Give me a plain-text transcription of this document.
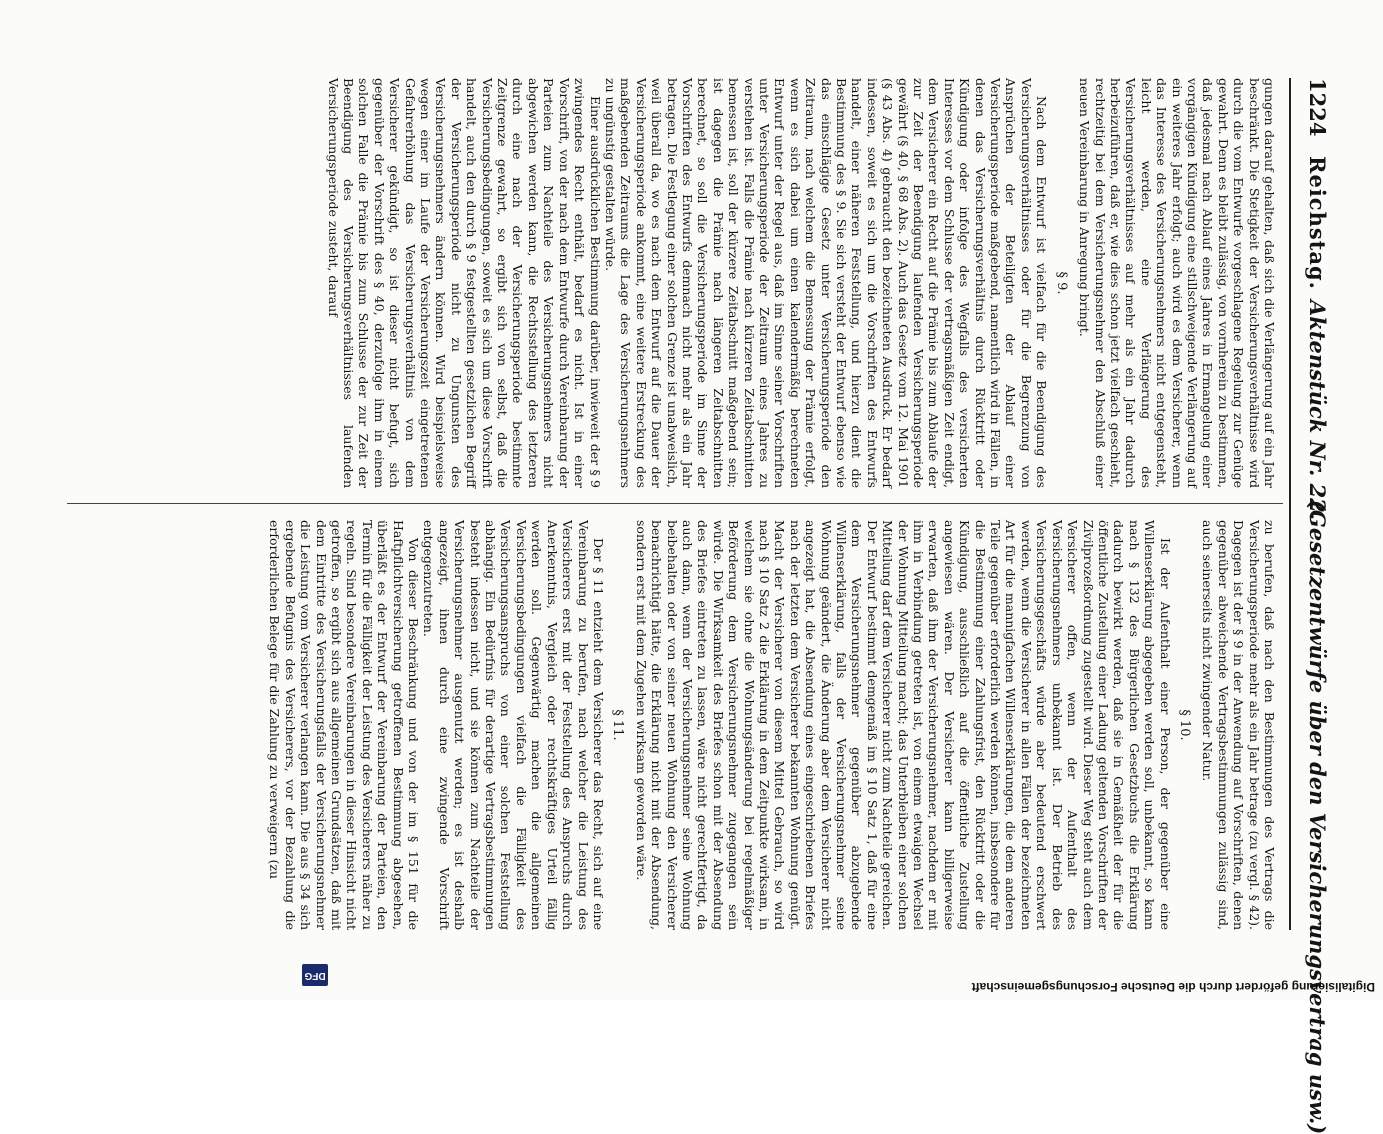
1224
Reichstag.
Aktenstück Nr. 22.
(Gesetzentwürfe über den Versicherungsvertrag usw.)

gungen darauf gehalten, daß sich die Verlängerung auf ein Jahr beschränkt. Die Stetigkeit der Versicherungsverhältnisse wird durch die vom Entwurfe vorgeschlagene Regelung zur Genüge gewahrt. Denn es bleibt zulässig, von vornherein zu bestimmen, daß jedesmal nach Ablauf eines Jahres in Ermangelung einer vorgängigen Kündigung eine stillschweigende Verlängerung auf ein weiteres Jahr erfolgt; auch wird es dem Versicherer, wenn das Interesse des Versicherungsnehmers nicht entgegensteht, leicht werden, eine Verlängerung des Versicherungsverhältnisses auf mehr als ein Jahr dadurch herbeizuführen, daß er, wie dies schon jetzt vielfach geschieht, rechtzeitig bei dem Versicherungsnehmer den Abschluß einer neuen Vereinbarung in Anregung bringt.

§ 9.

Nach dem Entwurf ist vielfach für die Beendigung des Versicherungsverhältnisses oder für die Begrenzung von Ansprüchen der Beteiligten der Ablauf einer Versicherungsperiode maßgebend, namentlich wird in Fällen, in denen das Versicherungsverhältnis durch Rücktritt oder Kündigung oder infolge des Wegfalls des versicherten Interesses vor dem Schlusse der vertragsmäßigen Zeit endigt, dem Versicherer ein Recht auf die Prämie bis zum Ablaufe der zur Zeit der Beendigung laufenden Versicherungsperiode gewährt (§ 40, § 68 Abs. 2). Auch das Gesetz vom 12. Mai 1901 (§ 43 Abs. 4) gebraucht den bezeichneten Ausdruck. Er bedarf indessen, soweit es sich um die Vorschriften des Entwurfs handelt, einer näheren Feststellung, und hierzu dient die Bestimmung des § 9. Sie sich versteht der Entwurf ebenso wie das einschlägige Gesetz unter Versicherungsperiode den Zeitraum, nach welchem die Bemessung der Prämie erfolgt, wenn es sich dabei um einen kalendermäßig berechneten Entwurf unter der Regel aus, daß im Sinne seiner Vorschriften unter Versicherungsperiode der Zeitraum eines Jahres zu verstehen ist. Falls die Prämie nach kürzeren Zeitabschnitten bemessen ist, soll der kürzere Zeitabschnitt maßgebend sein; ist dagegen die Prämie nach längeren Zeitabschnitten berechnet, so soll die Versicherungsperiode im Sinne der Vorschriften des Entwurfs demnach nicht mehr als ein Jahr betragen. Die Festlegung einer solchen Grenze ist unabweislich, weil überall da, wo es nach dem Entwurf auf die Dauer der Versicherungsperiode ankommt, eine weitere Erstreckung des maßgebenden Zeitraums die Lage des Versicherungsnehmers zu ungünstig gestalten würde.

Einer ausdrücklichen Bestimmung darüber, inwieweit der § 9 zwingendes Recht enthält, bedarf es nicht. Ist in einer Vorschrift, von der nach dem Entwurfe durch Vereinbarung der Parteien zum Nachteile des Versicherungsnehmers nicht abgewichen werden kann, die Rechtsstellung des letzteren durch eine nach der Versicherungsperiode bestimmte Zeitgrenze gewahrt, so ergibt sich von selbst, daß die Versicherungsbedingungen, soweit es sich um diese Vorschrift handelt, auch den durch § 9 festgestellten gesetzlichen Begriff der Versicherungsperiode nicht zu Ungunsten des Versicherungsnehmers ändern können. Wird beispielsweise wegen einer im Laufe der Versicherungszeit eingetretenen Gefahrerhöhung das Versicherungsverhältnis von dem Versicherer gekündigt, so ist dieser nicht befugt, sich gegenüber der Vorschrift des § 40, derzufolge ihm in einem solchen Falle die Prämie bis zum Schlusse der zur Zeit der Beendigung des Versicherungsverhältnisses laufenden Versicherungsperiode zusteht, darauf

zu berufen, daß nach den Bestimmungen des Vertrags die Versicherungsperiode mehr als ein Jahr betrage (zu vergl. § 42). Dagegen ist der § 9 in der Anwendung auf Vorschriften, denen gegenüber abweichende Vertragsbestimmungen zulässig sind, auch seinerseits nicht zwingender Natur.

§ 10.

Ist der Aufenthalt einer Person, der gegenüber eine Willenserklärung abgegeben werden soll, unbekannt, so kann nach § 132 des Bürgerlichen Gesetzbuchs die Erklärung dadurch bewirkt werden, daß sie in Gemäßheit der für die öffentliche Zustellung einer Ladung geltenden Vorschriften der Zivilprozeßordnung zugestellt wird. Dieser Weg steht auch dem Versicherer offen, wenn der Aufenthalt des Versicherungsnehmers unbekannt ist. Der Betrieb des Versicherungsgeschäfts würde aber bedeutend erschwert werden, wenn die Versicherer in allen Fällen der bezeichneten Art für die mannigfachen Willenserklärungen, die dem anderen Teile gegenüber erforderlich werden können, insbesondere für die Bestimmung einer Zahlungsfrist, den Rücktritt oder die Kündigung, ausschließlich auf die öffentliche Zustellung angewiesen wären. Der Versicherer kann billigerweise erwarten, daß ihm der Versicherungsnehmer, nachdem er mit ihm in Verbindung getreten ist, von einem etwaigen Wechsel der Wohnung Mitteilung macht; das Unterbleiben einer solchen Mitteilung darf dem Versicherer nicht zum Nachteile gereichen. Der Entwurf bestimmt demgemäß im § 10 Satz 1, daß für eine dem Versicherungsnehmer gegenüber abzugebende Willenserklärung, falls der Versicherungsnehmer seine Wohnung geändert, die Änderung aber dem Versicherer nicht angezeigt hat, die Absendung eines eingeschriebenen Briefes nach der letzten dem Versicherer bekannten Wohnung genügt. Macht der Versicherer von diesem Mittel Gebrauch, so wird nach § 10 Satz 2 die Erklärung in dem Zeitpunkte wirksam, in welchem sie ohne die Wohnungsänderung bei regelmäßiger Beförderung dem Versicherungsnehmer zugegangen sein würde. Die Wirksamkeit des Briefes schon mit der Absendung des Briefes eintreten zu lassen, wäre nicht gerechtfertigt, da auch dann, wenn der Versicherungsnehmer seine Wohnung beibehalten oder von seiner neuen Wohnung den Versicherer benachrichtigt hätte, die Erklärung nicht mit der Absendung, sondern erst mit dem Zugehen wirksam geworden wäre.

§ 11.

Der § 11 entzieht dem Versicherer das Recht, sich auf eine Vereinbarung zu berufen, nach welcher die Leistung des Versicherers erst mit der Feststellung des Anspruchs durch Anerkenntnis, Vergleich oder rechtskräftiges Urteil fällig werden soll. Gegenwärtig machen die allgemeinen Versicherungsbedingungen vielfach die Fälligkeit des Versicherungsanspruchs von einer solchen Feststellung abhängig. Ein Bedürfnis für derartige Vertragsbestimmungen besteht indessen nicht, und sie können zum Nachteile der Versicherungsnehmer ausgenutzt werden; es ist deshalb angezeigt, ihnen durch eine zwingende Vorschrift entgegenzutreten.

Von dieser Beschränkung und von der im § 151 für die Haftpflichtversicherung getroffenen Bestimmung abgesehen, überläßt es der Entwurf der Vereinbarung der Parteien, den Termin für die Fälligkeit der Leistung des Versicherers näher zu regeln. Sind besondere Vereinbarungen in dieser Hinsicht nicht getroffen, so ergibt sich aus allgemeinen Grundsätzen, daß mit dem Eintritte des Versicherungsfalls der Versicherungsnehmer die Leistung vom Versicherer verlangen kann. Die aus § 34 sich ergebende Befugnis des Versicherers, vor der Bezahlung die erforderlichen Belege für die Zahlung zu verweigern (zu

Digitalisierung gefördert durch die Deutsche Forschungsgemeinschaft
DFG
